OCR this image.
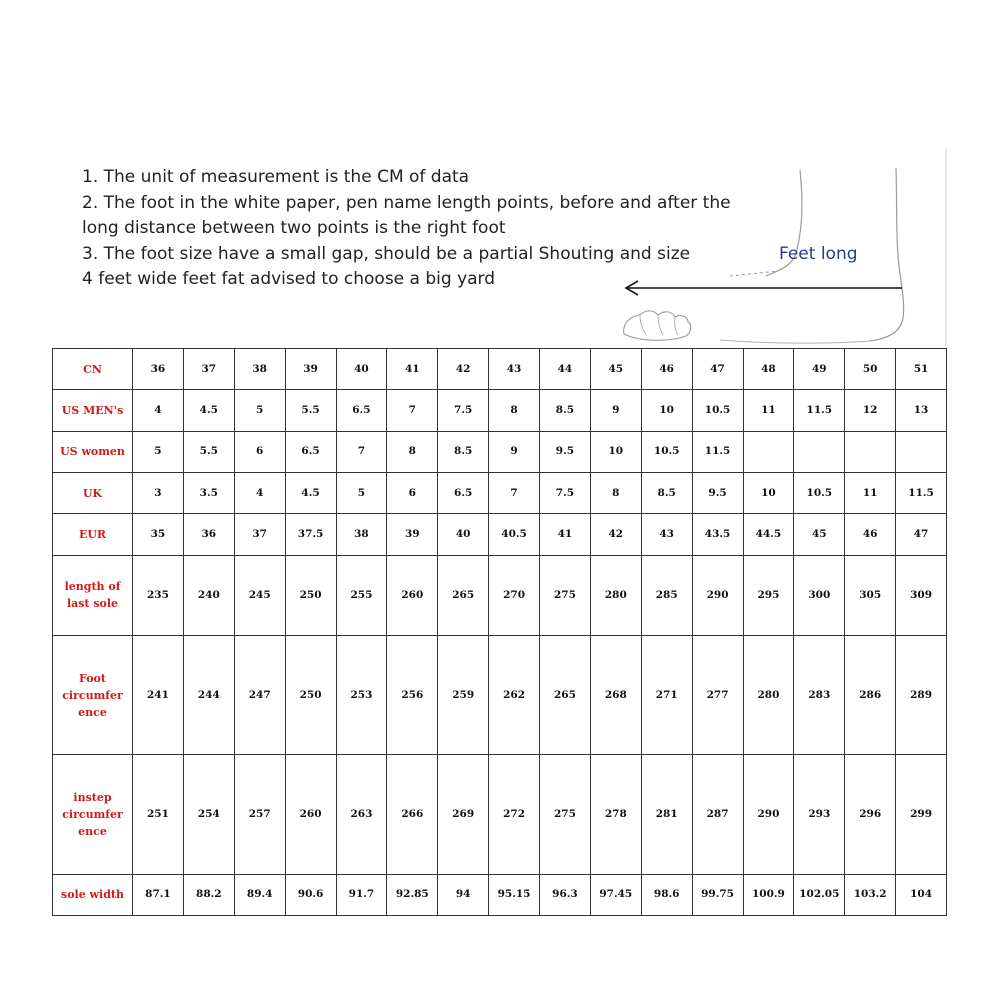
1. The unit of measurement is the CM of data
2. The foot in the white paper, pen name length points, before and after the
long distance between two points is the right foot
3. The foot size have a small gap, should be a partial Shouting and size
4 feet wide feet fat advised to choose a big yard
Feet long
CN	36	37	38	39	40	41	42	43	44	45	46	47	48	49	50	51
US MEN's	4	4.5	5	5.5	6.5	7	7.5	8	8.5	9	10	10.5	11	11.5	12	13
US women	5	5.5	6	6.5	7	8	8.5	9	9.5	10	10.5	11.5				
UK	3	3.5	4	4.5	5	6	6.5	7	7.5	8	8.5	9.5	10	10.5	11	11.5
EUR	35	36	37	37.5	38	39	40	40.5	41	42	43	43.5	44.5	45	46	47
length of last sole	235	240	245	250	255	260	265	270	275	280	285	290	295	300	305	309
Foot circumfer ence	241	244	247	250	253	256	259	262	265	268	271	277	280	283	286	289
instep circumfer ence	251	254	257	260	263	266	269	272	275	278	281	287	290	293	296	299
sole width	87.1	88.2	89.4	90.6	91.7	92.85	94	95.15	96.3	97.45	98.6	99.75	100.9	102.05	103.2	104
